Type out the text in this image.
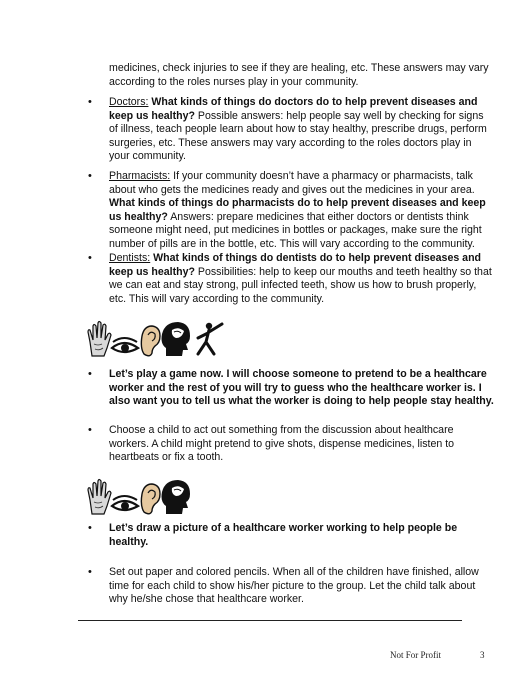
medicines, check injuries to see if they are healing, etc. These answers may vary according to the roles nurses play in your community.
• Doctors: What kinds of things do doctors do to help prevent diseases and keep us healthy? Possible answers: help people say well by checking for signs of illness, teach people learn about how to stay healthy, prescribe drugs, perform surgeries, etc. These answers may vary according to the roles doctors play in your community.
• Pharmacists: If your community doesn’t have a pharmacy or pharmacists, talk about who gets the medicines ready and gives out the medicines in your area. What kinds of things do pharmacists do to help prevent diseases and keep us healthy? Answers: prepare medicines that either doctors or dentists think someone might need, put medicines in bottles or packages, make sure the right number of pills are in the bottle, etc. This will vary according to the community.
• Dentists: What kinds of things do dentists do to help prevent diseases and keep us healthy? Possibilities: help to keep our mouths and teeth healthy so that we can eat and stay strong, pull infected teeth, show us how to brush properly, etc. This will vary according to the community.
• Let’s play a game now. I will choose someone to pretend to be a healthcare worker and the rest of you will try to guess who the healthcare worker is. I also want you to tell us what the worker is doing to help people stay healthy.
• Choose a child to act out something from the discussion about healthcare workers. A child might pretend to give shots, dispense medicines, listen to heartbeats or fix a tooth.
• Let’s draw a picture of a healthcare worker working to help people be healthy.
• Set out paper and colored pencils. When all of the children have finished, allow time for each child to show his/her picture to the group. Let the child talk about why he/she chose that healthcare worker.
Not For Profit	3
